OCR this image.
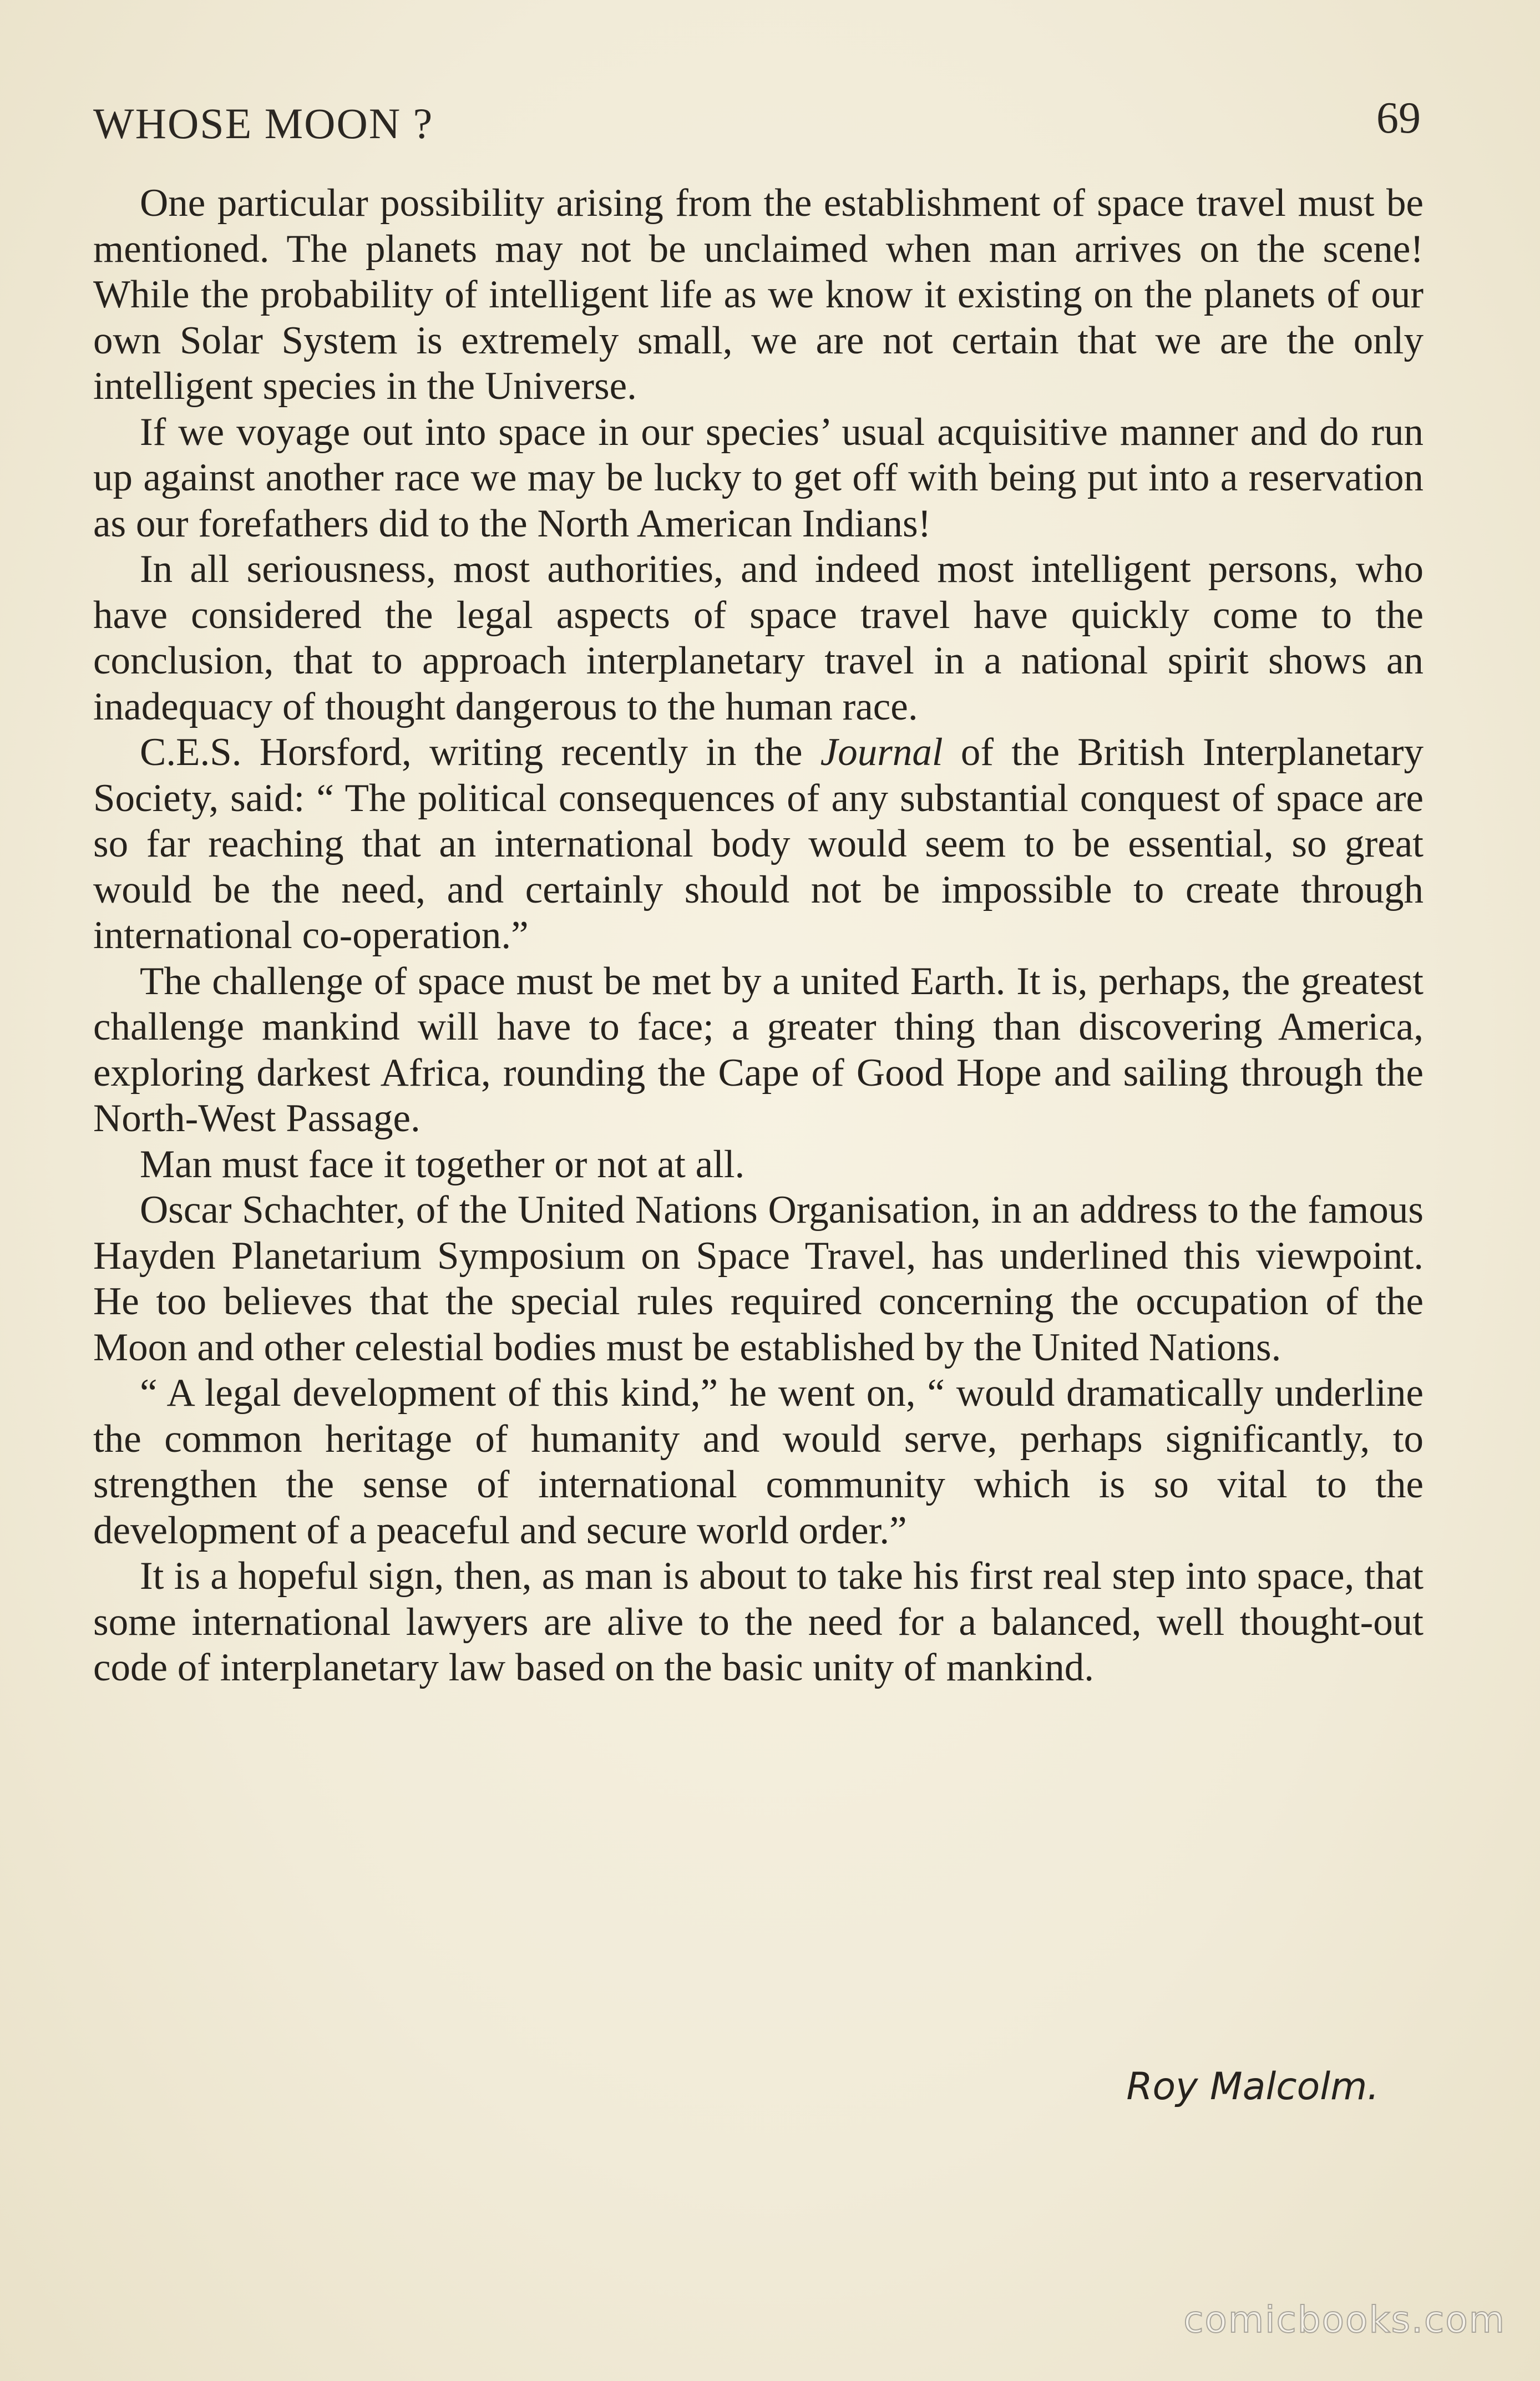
WHOSE MOON ?	69

One particular possibility arising from the establishment of space travel must be mentioned. The planets may not be unclaimed when man arrives on the scene! While the probability of intelligent life as we know it existing on the planets of our own Solar System is extremely small, we are not certain that we are the only intelligent species in the Universe.

If we voyage out into space in our species’ usual acquisitive manner and do run up against another race we may be lucky to get off with being put into a reservation as our forefathers did to the North American Indians!

In all seriousness, most authorities, and indeed most intelligent persons, who have considered the legal aspects of space travel have quickly come to the conclusion, that to approach interplanetary travel in a national spirit shows an inadequacy of thought dangerous to the human race.

C.E.S. Horsford, writing recently in the Journal of the British Interplanetary Society, said: “ The political consequences of any substantial conquest of space are so far reaching that an international body would seem to be essential, so great would be the need, and certainly should not be impossible to create through international co-operation.”

The challenge of space must be met by a united Earth. It is, perhaps, the greatest challenge mankind will have to face; a greater thing than discovering America, exploring darkest Africa, rounding the Cape of Good Hope and sailing through the North-West Passage.

Man must face it together or not at all.

Oscar Schachter, of the United Nations Organisation, in an address to the famous Hayden Planetarium Symposium on Space Travel, has underlined this viewpoint. He too believes that the special rules required concerning the occupation of the Moon and other celestial bodies must be established by the United Nations.

“ A legal development of this kind,” he went on, “ would dramatically underline the common heritage of humanity and would serve, perhaps significantly, to strengthen the sense of international community which is so vital to the development of a peaceful and secure world order.”

It is a hopeful sign, then, as man is about to take his first real step into space, that some international lawyers are alive to the need for a balanced, well thought-out code of interplanetary law based on the basic unity of mankind.

Roy Malcolm.
comicbooks.com
